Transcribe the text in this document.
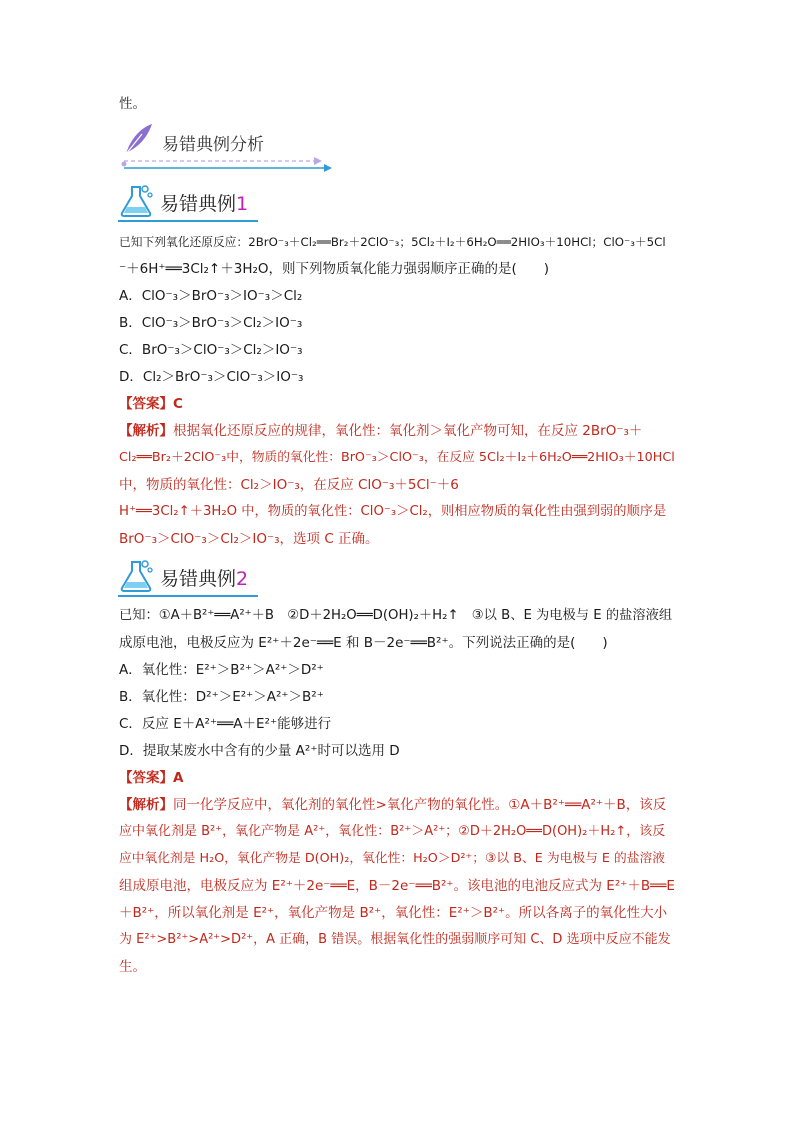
性。
易错典例分析
易错典例1
已知下列氧化还原反应：2BrO⁻₃＋Cl₂══Br₂＋2ClO⁻₃；5Cl₂＋I₂＋6H₂O══2HIO₃＋10HCl；ClO⁻₃＋5Cl
⁻＋6H⁺══3Cl₂↑＋3H₂O，则下列物质氧化能力强弱顺序正确的是(　　)
A．ClO⁻₃＞BrO⁻₃＞IO⁻₃＞Cl₂
B．ClO⁻₃＞BrO⁻₃＞Cl₂＞IO⁻₃
C．BrO⁻₃＞ClO⁻₃＞Cl₂＞IO⁻₃
D．Cl₂＞BrO⁻₃＞ClO⁻₃＞IO⁻₃
【答案】C
【解析】根据氧化还原反应的规律，氧化性：氧化剂＞氧化产物可知，在反应 2BrO⁻₃＋
Cl₂══Br₂＋2ClO⁻₃中，物质的氧化性：BrO⁻₃＞ClO⁻₃，在反应 5Cl₂＋I₂＋6H₂O══2HIO₃＋10HCl
中，物质的氧化性：Cl₂＞IO⁻₃，在反应 ClO⁻₃＋5Cl⁻＋6
H⁺══3Cl₂↑＋3H₂O 中，物质的氧化性：ClO⁻₃＞Cl₂，则相应物质的氧化性由强到弱的顺序是
BrO⁻₃＞ClO⁻₃＞Cl₂＞IO⁻₃，选项 C 正确。
易错典例2
已知：①A＋B²⁺══A²⁺＋B　②D＋2H₂O══D(OH)₂＋H₂↑　③以 B、E 为电极与 E 的盐溶液组
成原电池，电极反应为 E²⁺＋2e⁻══E 和 B－2e⁻══B²⁺。下列说法正确的是(　　)
A．氧化性：E²⁺＞B²⁺＞A²⁺＞D²⁺
B．氧化性：D²⁺＞E²⁺＞A²⁺＞B²⁺
C．反应 E＋A²⁺══A＋E²⁺能够进行
D．提取某废水中含有的少量 A²⁺时可以选用 D
【答案】A
【解析】同一化学反应中，氧化剂的氧化性>氧化产物的氧化性。①A＋B²⁺══A²⁺＋B，该反
应中氧化剂是 B²⁺，氧化产物是 A²⁺，氧化性：B²⁺＞A²⁺；②D＋2H₂O══D(OH)₂＋H₂↑，该反
应中氧化剂是 H₂O，氧化产物是 D(OH)₂，氧化性：H₂O＞D²⁺；③以 B、E 为电极与 E 的盐溶液
组成原电池，电极反应为 E²⁺＋2e⁻══E，B－2e⁻══B²⁺。该电池的电池反应式为 E²⁺＋B══E
＋B²⁺，所以氧化剂是 E²⁺，氧化产物是 B²⁺，氧化性：E²⁺＞B²⁺。所以各离子的氧化性大小
为 E²⁺>B²⁺>A²⁺>D²⁺，A 正确，B 错误。根据氧化性的强弱顺序可知 C、D 选项中反应不能发
生。
